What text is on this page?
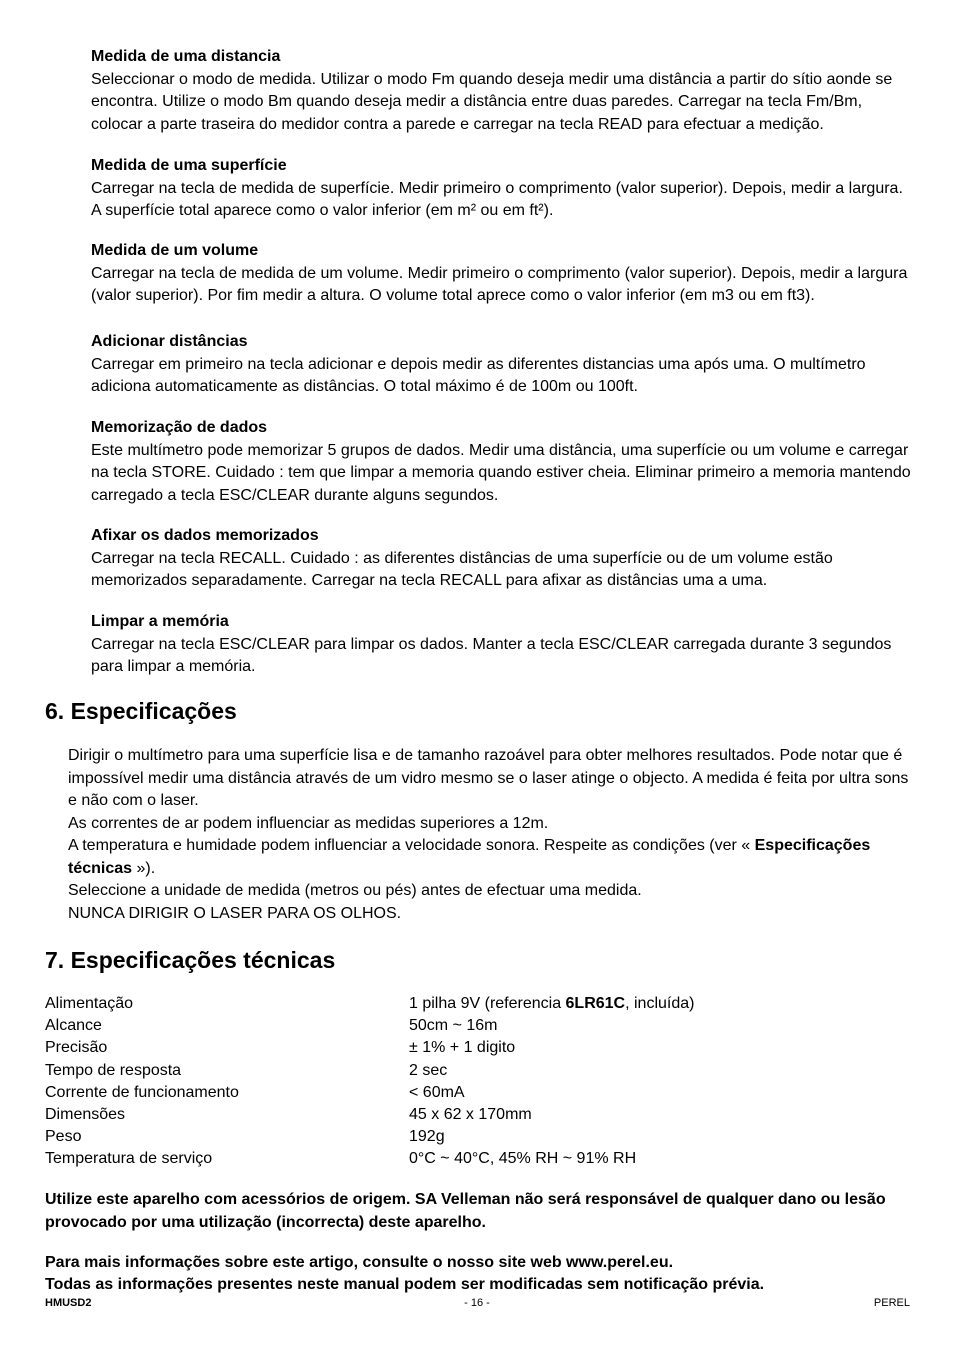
Medida de uma distancia

Seleccionar o modo de medida. Utilizar o modo Fm quando deseja medir uma distância a partir do sítio aonde se encontra. Utilize o modo Bm quando deseja medir a distância entre duas paredes. Carregar na tecla Fm/Bm, colocar a parte traseira do medidor contra a parede e carregar na tecla READ para efectuar a medição.

Medida de uma superfície

Carregar na tecla de medida de superfície. Medir primeiro o comprimento (valor superior). Depois, medir a largura. A superfície total aparece como o valor inferior (em m² ou em ft²).

Medida de um volume

Carregar na tecla de medida de um volume. Medir primeiro o comprimento (valor superior). Depois, medir a largura (valor superior). Por fim medir a altura. O volume total aprece como o valor inferior (em m3 ou em ft3).

Adicionar distâncias

Carregar em primeiro na tecla adicionar e depois medir as diferentes distancias uma após uma. O multímetro adiciona automaticamente as distâncias. O total máximo é de 100m ou 100ft.

Memorização de dados

Este multímetro pode memorizar 5 grupos de dados. Medir uma distância, uma superfície ou um volume e carregar na tecla STORE. Cuidado : tem que limpar a memoria quando estiver cheia. Eliminar primeiro a memoria mantendo carregado a tecla ESC/CLEAR durante alguns segundos.

Afixar os dados memorizados

Carregar na tecla RECALL. Cuidado : as diferentes distâncias de uma superfície ou de um volume estão memorizados separadamente. Carregar na tecla RECALL para afixar as distâncias uma a uma.

Limpar a memória

Carregar na tecla ESC/CLEAR para limpar os dados. Manter a tecla ESC/CLEAR carregada durante 3 segundos para limpar a memória.

6. Especificações

Dirigir o multímetro para uma superfície lisa e de tamanho razoável para obter melhores resultados. Pode notar que é impossível medir uma distância através de um vidro mesmo se o laser atinge o objecto. A medida é feita por ultra sons e não com o laser.

As correntes de ar podem influenciar as medidas superiores a 12m.

A temperatura e humidade podem influenciar a velocidade sonora. Respeite as condições (ver « Especificações técnicas »).

Seleccione a unidade de medida (metros ou pés) antes de efectuar uma medida.

NUNCA DIRIGIR O LASER PARA OS OLHOS.

7. Especificações técnicas
Alimentação	1 pilha 9V (referencia 6LR61C, incluída)
Alcance	50cm ~ 16m
Precisão	± 1% + 1 digito
Tempo de resposta	2 sec
Corrente de funcionamento	< 60mA
Dimensões	45 x 62 x 170mm
Peso	192g
Temperatura de serviço	0°C ~ 40°C, 45% RH ~ 91% RH

Utilize este aparelho com acessórios de origem. SA Velleman não será responsável de qualquer dano ou lesão provocado por uma utilização (incorrecta) deste aparelho.

Para mais informações sobre este artigo, consulte o nosso site web www.perel.eu.

Todas as informações presentes neste manual podem ser modificadas sem notificação prévia.

HMUSD2	- 16 -	PEREL
